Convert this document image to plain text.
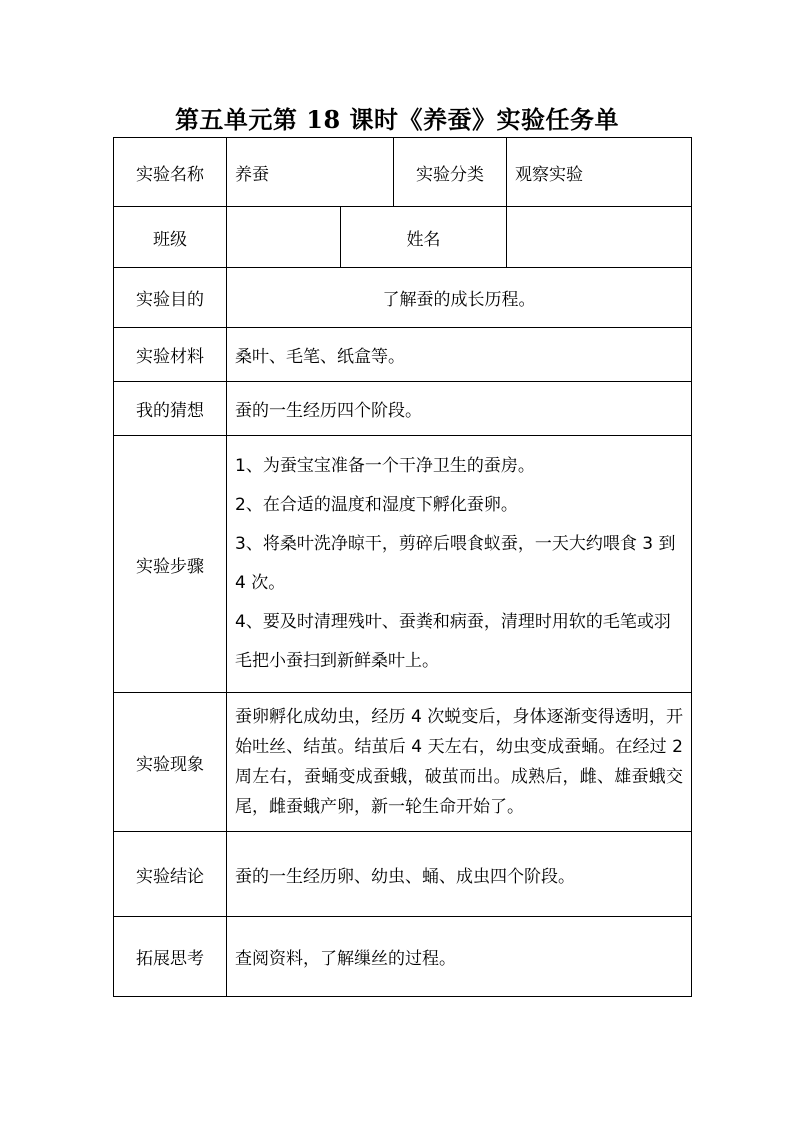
第五单元第 18 课时《养蚕》实验任务单
实验名称	养蚕		实验分类	观察实验
班级		姓名		
实验目的	了解蚕的成长历程。			
实验材料	桑叶、毛笔、纸盒等。			
我的猜想	蚕的一生经历四个阶段。			
实验步骤	1、为蚕宝宝准备一个干净卫生的蚕房。

2、在合适的温度和湿度下孵化蚕卵。

3、将桑叶洗净晾干，剪碎后喂食蚁蚕，一天大约喂食 3 到 4 次。

4、要及时清理残叶、蚕粪和病蚕，清理时用软的毛笔或羽毛把小蚕扫到新鲜桑叶上。			

实验现象	蚕卵孵化成幼虫，经历 4 次蜕变后，身体逐渐变得透明，开始吐丝、结茧。结茧后 4 天左右，幼虫变成蚕蛹。在经过 2 周左右，蚕蛹变成蚕蛾，破茧而出。成熟后，雌、雄蚕蛾交尾，雌蚕蛾产卵，新一轮生命开始了。			
实验结论	蚕的一生经历卵、幼虫、蛹、成虫四个阶段。			
拓展思考	查阅资料，了解缫丝的过程。			
